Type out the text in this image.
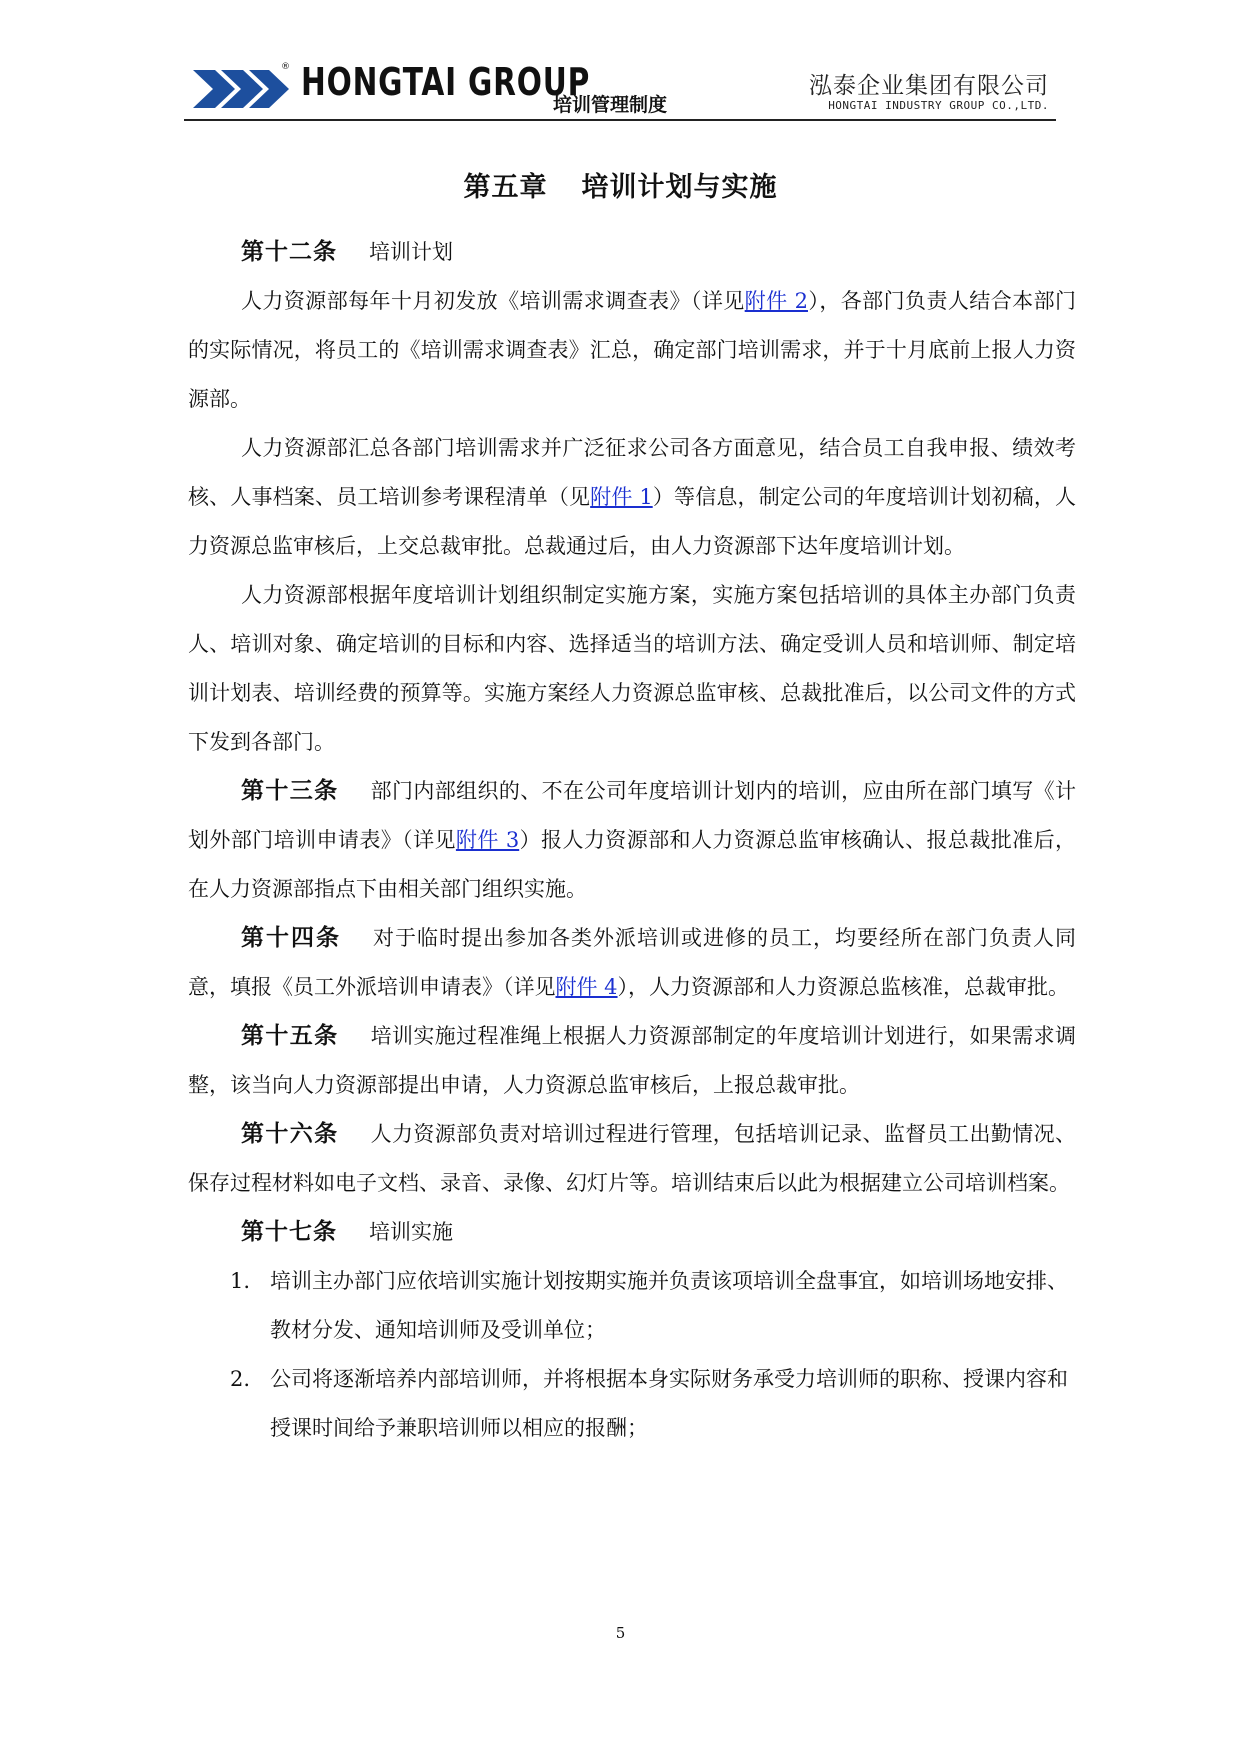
® HONGTAI GROUP
培训管理制度
泓泰企业集团有限公司
HONGTAI INDUSTRY GROUP CO.,LTD.
第五章 培训计划与实施

第十二条 培训计划

人力资源部每年十月初发放《培训需求调查表》（详见附件 2），各部门负责人结合本部门的实际情况，将员工的《培训需求调查表》汇总，确定部门培训需求，并于十月底前上报人力资源部。

人力资源部汇总各部门培训需求并广泛征求公司各方面意见，结合员工自我申报、绩效考核、人事档案、员工培训参考课程清单（见附件 1）等信息，制定公司的年度培训计划初稿，人力资源总监审核后，上交总裁审批。总裁通过后，由人力资源部下达年度培训计划。

人力资源部根据年度培训计划组织制定实施方案，实施方案包括培训的具体主办部门负责人、培训对象、确定培训的目标和内容、选择适当的培训方法、确定受训人员和培训师、制定培训计划表、培训经费的预算等。实施方案经人力资源总监审核、总裁批准后，以公司文件的方式下发到各部门。

第十三条 部门内部组织的、不在公司年度培训计划内的培训，应由所在部门填写《计划外部门培训申请表》（详见附件 3）报人力资源部和人力资源总监审核确认、报总裁批准后，在人力资源部指点下由相关部门组织实施。

第十四条 对于临时提出参加各类外派培训或进修的员工，均要经所在部门负责人同意，填报《员工外派培训申请表》（详见附件 4），人力资源部和人力资源总监核准，总裁审批。

第十五条 培训实施过程准绳上根据人力资源部制定的年度培训计划进行，如果需求调整，该当向人力资源部提出申请，人力资源总监审核后，上报总裁审批。

第十六条 人力资源部负责对培训过程进行管理，包括培训记录、监督员工出勤情况、保存过程材料如电子文档、录音、录像、幻灯片等。培训结束后以此为根据建立公司培训档案。

第十七条 培训实施

1. 培训主办部门应依培训实施计划按期实施并负责该项培训全盘事宜，如培训场地安排、教材分发、通知培训师及受训单位；
2. 公司将逐渐培养内部培训师，并将根据本身实际财务承受力培训师的职称、授课内容和授课时间给予兼职培训师以相应的报酬；
5
